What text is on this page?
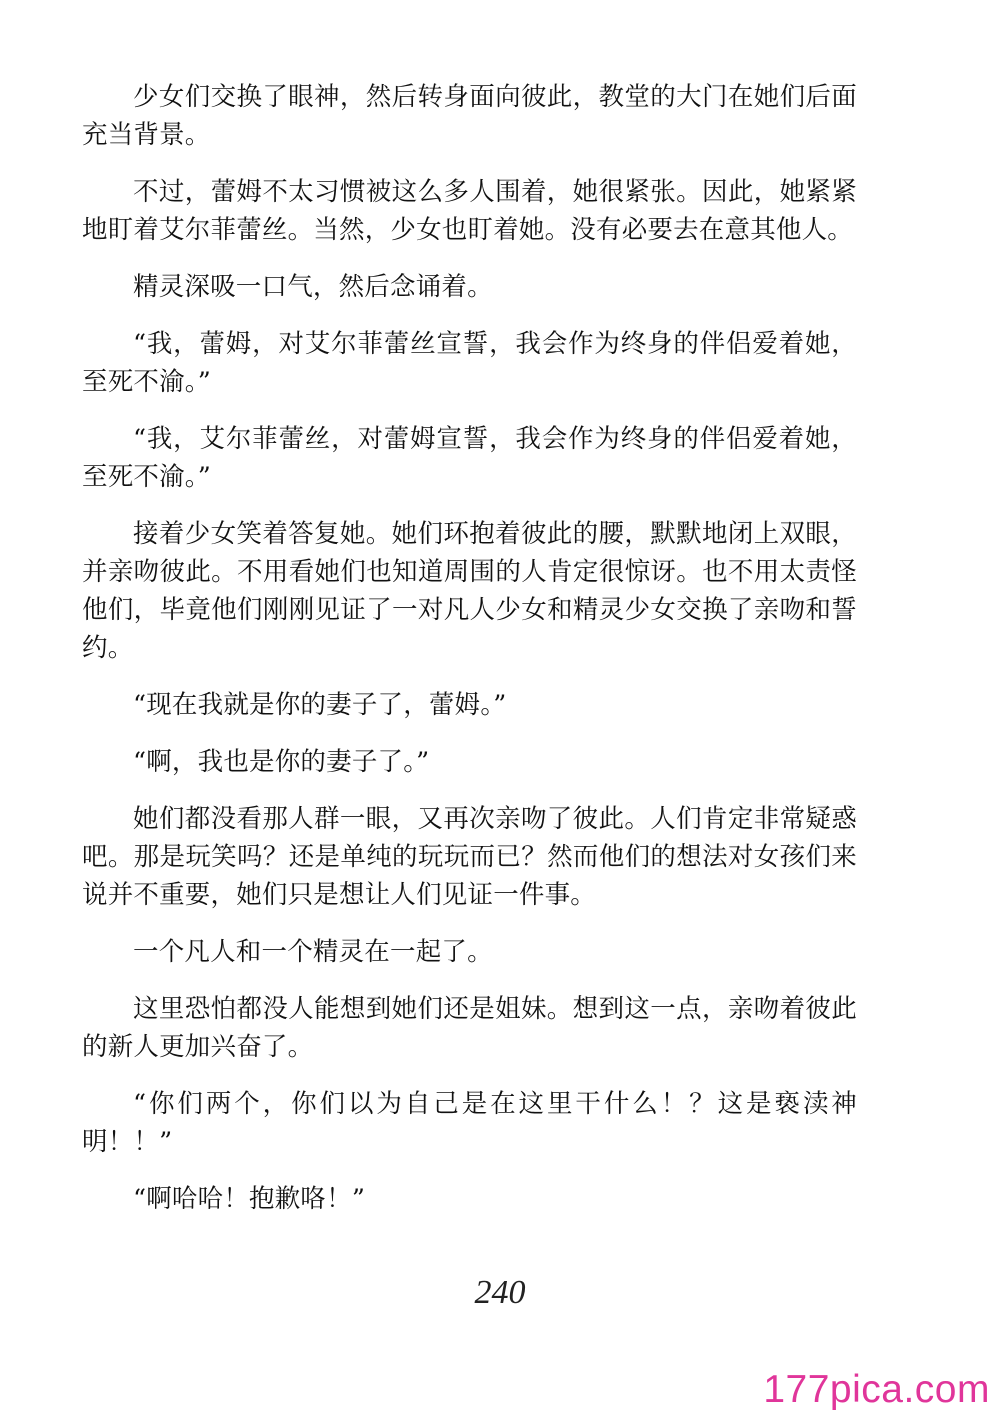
少女们交换了眼神，然后转身面向彼此，教堂的大门在她们后面充当背景。

不过，蕾姆不太习惯被这么多人围着，她很紧张。因此，她紧紧地盯着艾尔菲蕾丝。当然，少女也盯着她。没有必要去在意其他人。

精灵深吸一口气，然后念诵着。

“我，蕾姆，对艾尔菲蕾丝宣誓，我会作为终身的伴侣爱着她，至死不渝。”

“我，艾尔菲蕾丝，对蕾姆宣誓，我会作为终身的伴侣爱着她，至死不渝。”

接着少女笑着答复她。她们环抱着彼此的腰，默默地闭上双眼，并亲吻彼此。不用看她们也知道周围的人肯定很惊讶。也不用太责怪他们，毕竟他们刚刚见证了一对凡人少女和精灵少女交换了亲吻和誓约。

“现在我就是你的妻子了，蕾姆。”

“啊，我也是你的妻子了。”

她们都没看那人群一眼，又再次亲吻了彼此。人们肯定非常疑惑吧。那是玩笑吗？还是单纯的玩玩而已？然而他们的想法对女孩们来说并不重要，她们只是想让人们见证一件事。

一个凡人和一个精灵在一起了。

这里恐怕都没人能想到她们还是姐妹。想到这一点，亲吻着彼此的新人更加兴奋了。

“你们两个，你们以为自己是在这里干什么！？这是亵渎神明！！”

“啊哈哈！抱歉咯！”

240
177pica.com
